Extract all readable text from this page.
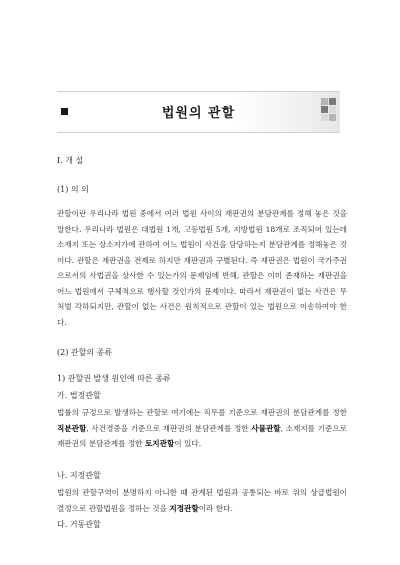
법원의 관할
I. 개 설
(1) 의 의
관할이란 우리나라 법원 중에서 여러 법원 사이의 재판권의 분담관계를 정해 놓은 것을 말한다. 우리나라 법원은 대법원 1개, 고등법원 5개, 지방법원 18개로 조직되어 있는데 소재지 또는 상소지가에 관하여 어느 법원이 사건을 담당하는지 분담관계를 정해놓은 것이다. 관할은 재판권을 전제로 하지만 재판권과 구별된다. 즉 재판권은 법원이 국가주권으로서의 사법권을 상사한 수 있는가의 문제임에 반해, 관할은 이미 존재하는 재판권을 어느 법원에서 구체적으로 행사할 것인가의 문제이다. 따라서 재판권이 없는 사건은 무처벌 각하되지만, 관할이 없는 사건은 원칙적으로 관할이 있는 법원으로 이송하여야 한다.
(2) 관할의 종류
1) 관할권 발생 원인에 따른 종류
가. 법정관할
법률의 규정으로 발생하는 관할로 여기에는 직무를 기준으로 재판권의 분담관계를 정한 직분관할, 사건경중을 기준으로 재판권의 분담관계를 정한 사물관할, 소재지를 기준으로 재판권의 분담관계를 정한 토지관할이 있다.
나. 지정관할
법원의 관할구역이 분명하지 아니한 때 관계된 법원과 공통되는 바로 위의 상급법원이 결정으로 관할법원을 정하는 것을 지정관할이라 한다.
다. 거동관할
